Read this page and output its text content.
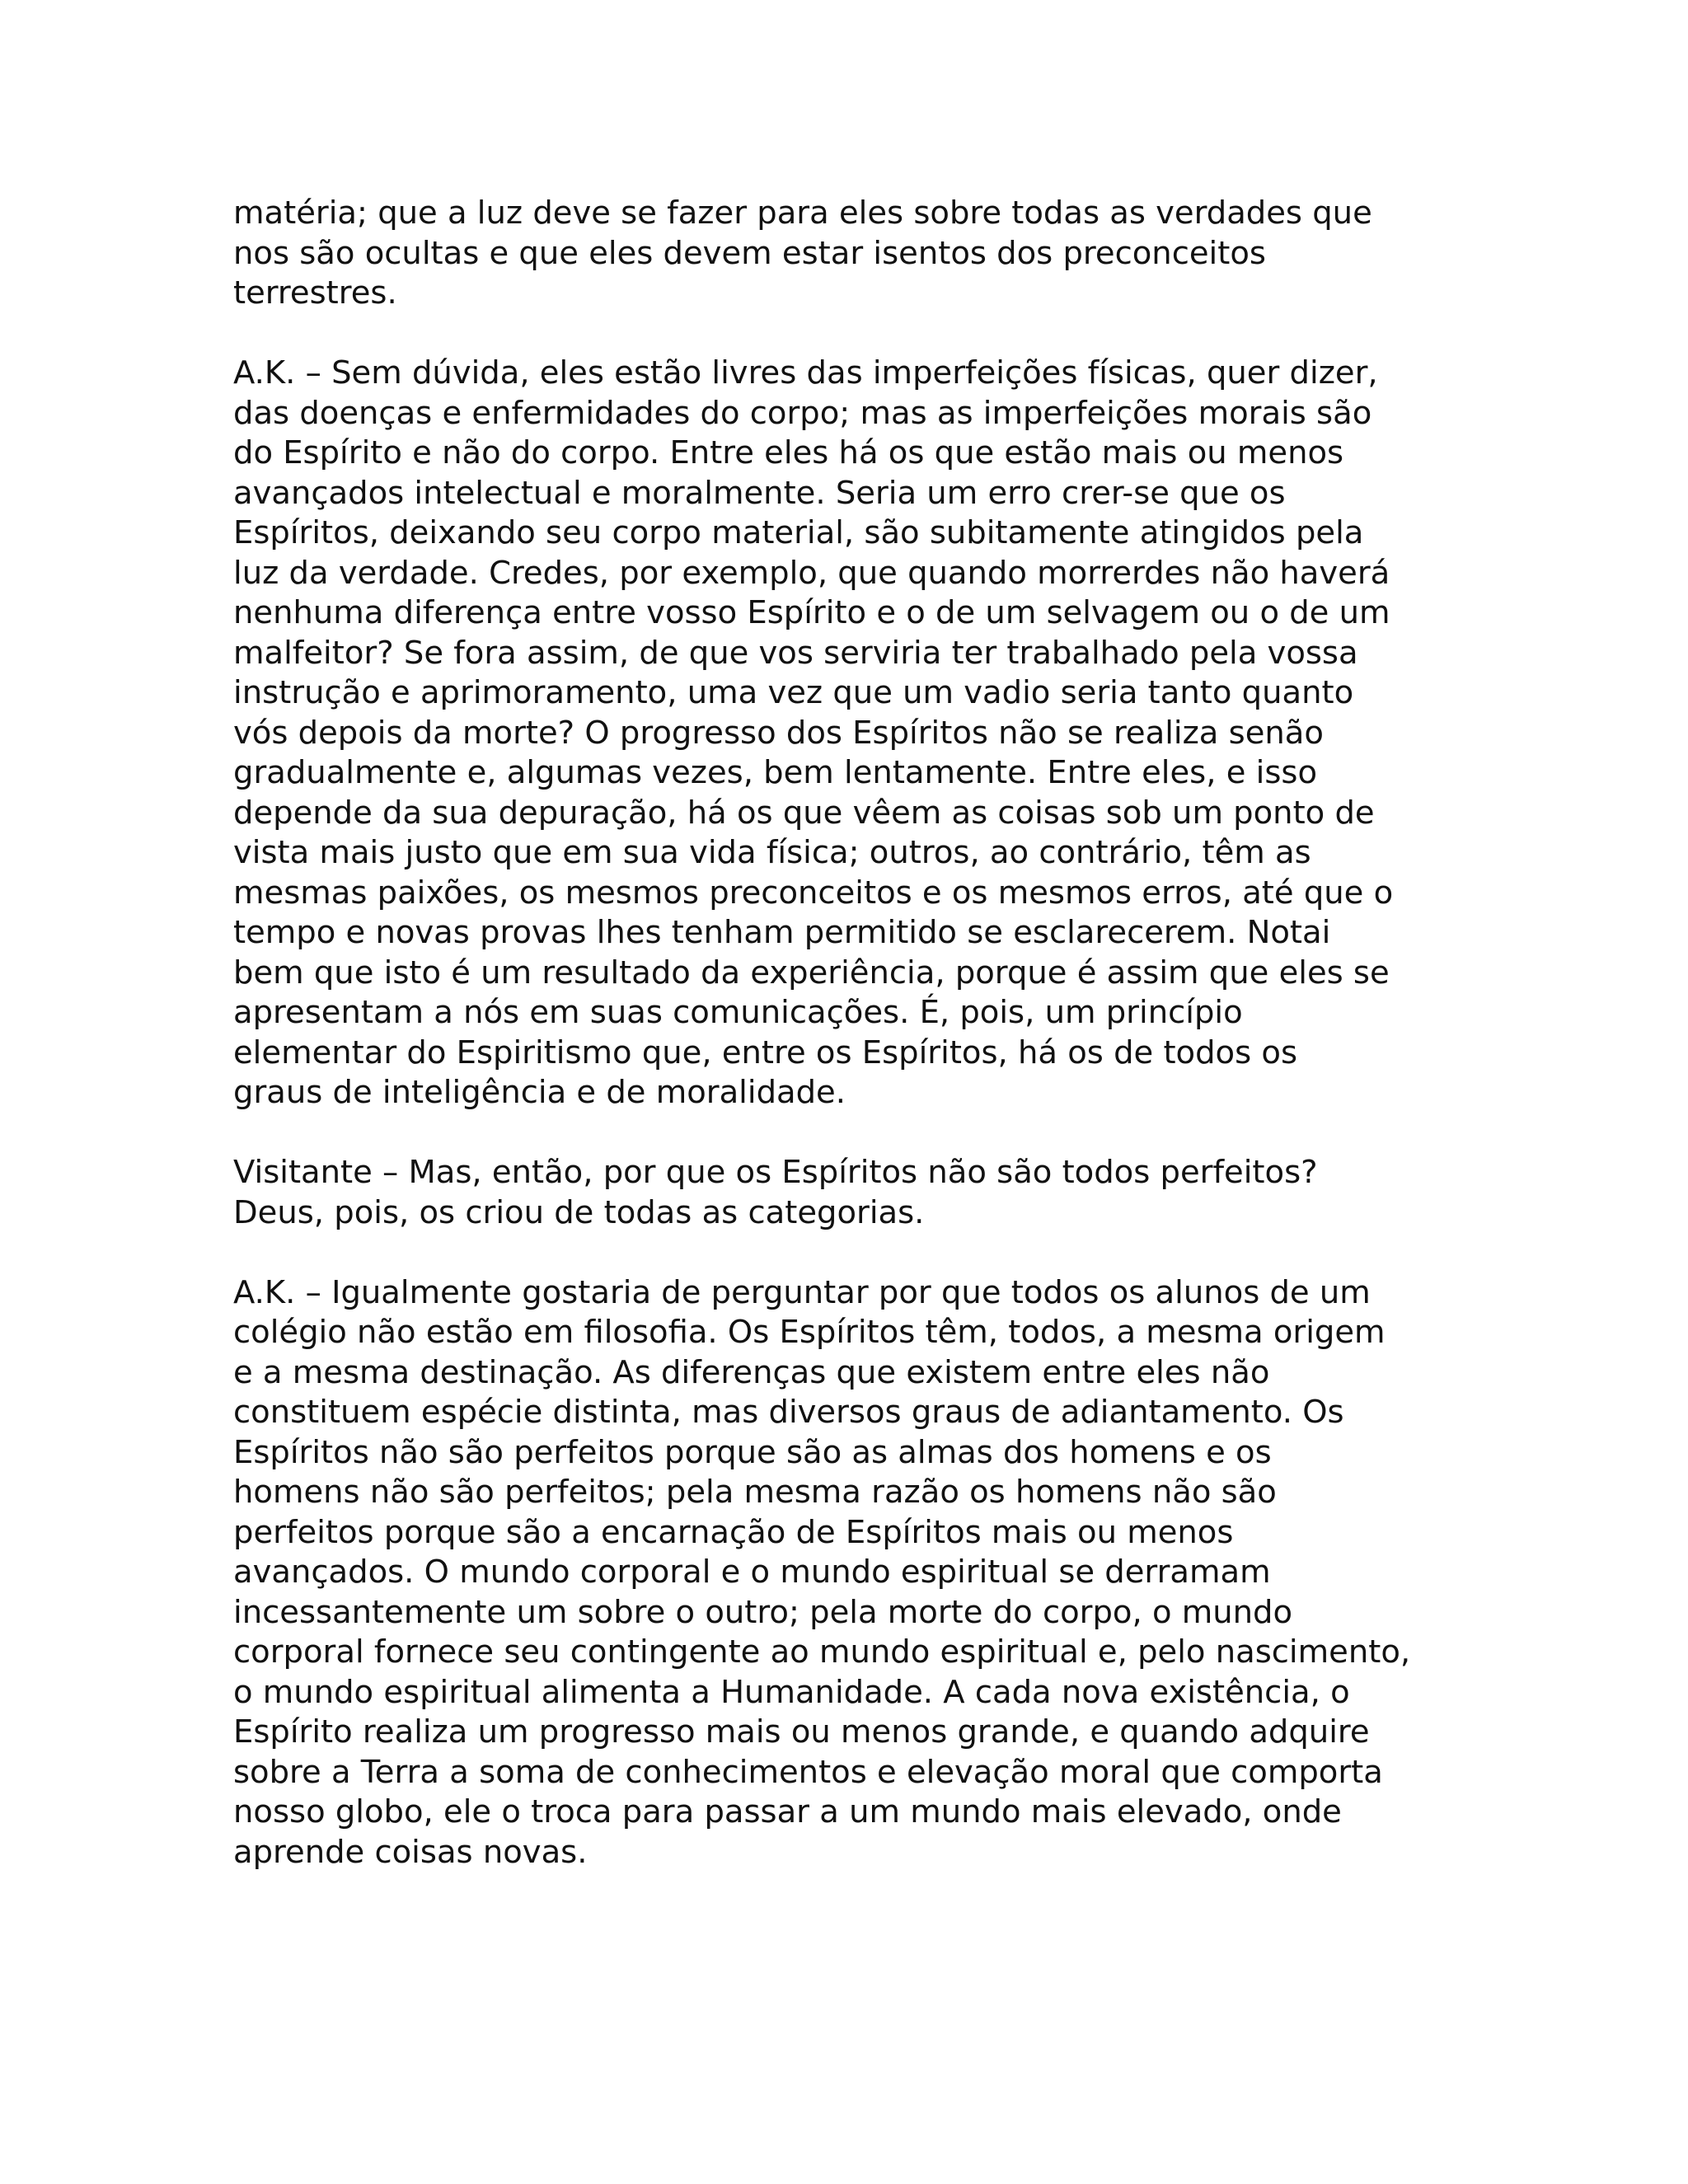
matéria; que a luz deve se fazer para eles sobre todas as verdades que
nos são ocultas e que eles devem estar isentos dos preconceitos
terrestres.

A.K. – Sem dúvida, eles estão livres das imperfeições físicas, quer dizer,
das doenças e enfermidades do corpo; mas as imperfeições morais são
do Espírito e não do corpo. Entre eles há os que estão mais ou menos
avançados intelectual e moralmente. Seria um erro crer-se que os
Espíritos, deixando seu corpo material, são subitamente atingidos pela
luz da verdade. Credes, por exemplo, que quando morrerdes não haverá
nenhuma diferença entre vosso Espírito e o de um selvagem ou o de um
malfeitor? Se fora assim, de que vos serviria ter trabalhado pela vossa
instrução e aprimoramento, uma vez que um vadio seria tanto quanto
vós depois da morte? O progresso dos Espíritos não se realiza senão
gradualmente e, algumas vezes, bem lentamente. Entre eles, e isso
depende da sua depuração, há os que vêem as coisas sob um ponto de
vista mais justo que em sua vida física; outros, ao contrário, têm as
mesmas paixões, os mesmos preconceitos e os mesmos erros, até que o
tempo e novas provas lhes tenham permitido se esclarecerem. Notai
bem que isto é um resultado da experiência, porque é assim que eles se
apresentam a nós em suas comunicações. É, pois, um princípio
elementar do Espiritismo que, entre os Espíritos, há os de todos os
graus de inteligência e de moralidade.

Visitante – Mas, então, por que os Espíritos não são todos perfeitos?
Deus, pois, os criou de todas as categorias.

A.K. – Igualmente gostaria de perguntar por que todos os alunos de um
colégio não estão em filosofia. Os Espíritos têm, todos, a mesma origem
e a mesma destinação. As diferenças que existem entre eles não
constituem espécie distinta, mas diversos graus de adiantamento. Os
Espíritos não são perfeitos porque são as almas dos homens e os
homens não são perfeitos; pela mesma razão os homens não são
perfeitos porque são a encarnação de Espíritos mais ou menos
avançados. O mundo corporal e o mundo espiritual se derramam
incessantemente um sobre o outro; pela morte do corpo, o mundo
corporal fornece seu contingente ao mundo espiritual e, pelo nascimento,
o mundo espiritual alimenta a Humanidade. A cada nova existência, o
Espírito realiza um progresso mais ou menos grande, e quando adquire
sobre a Terra a soma de conhecimentos e elevação moral que comporta
nosso globo, ele o troca para passar a um mundo mais elevado, onde
aprende coisas novas.
